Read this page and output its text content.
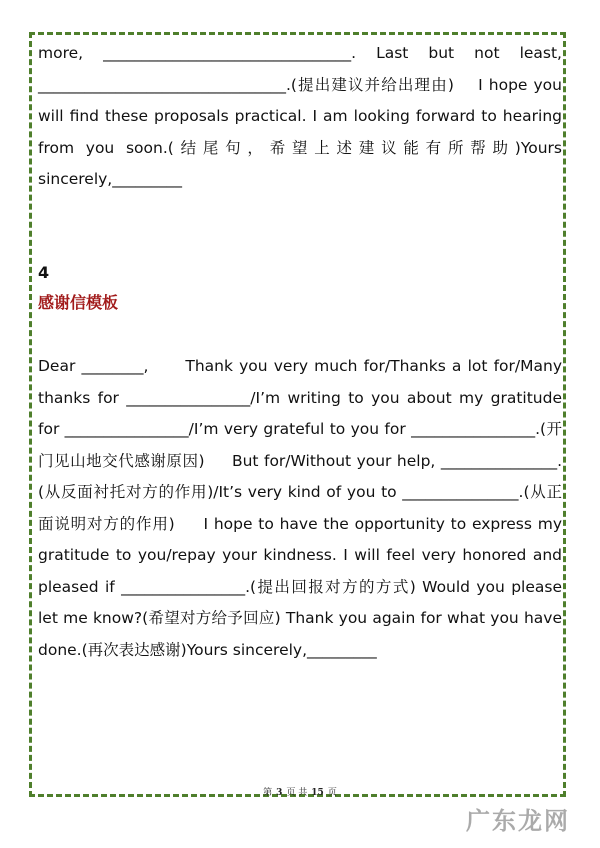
more, ________________________________. Last but not least, ________________________________.(提出建议并给出理由)    I hope you will find these proposals practical. I am looking forward to hearing from you soon.(结尾句，希望上述建议能有所帮助)Yours sincerely,_________

4
感谢信模板

Dear ________,      Thank you very much for/Thanks a lot for/Many thanks for ________________/I’m writing to you about my gratitude for ________________/I’m very grateful to you for ________________.(开门见山地交代感谢原因)     But for/Without your help, _______________.(从反面衬托对方的作用)/It’s very kind of you to _______________.(从正面说明对方的作用)     I hope to have the opportunity to express my gratitude to you/repay your kindness. I will feel very honored and pleased if ________________.(提出回报对方的方式) Would you please let me know?(希望对方给予回应) Thank you again for what you have done.(再次表达感谢)Yours sincerely,_________

第 3 页 共 15 页
广东龙网
